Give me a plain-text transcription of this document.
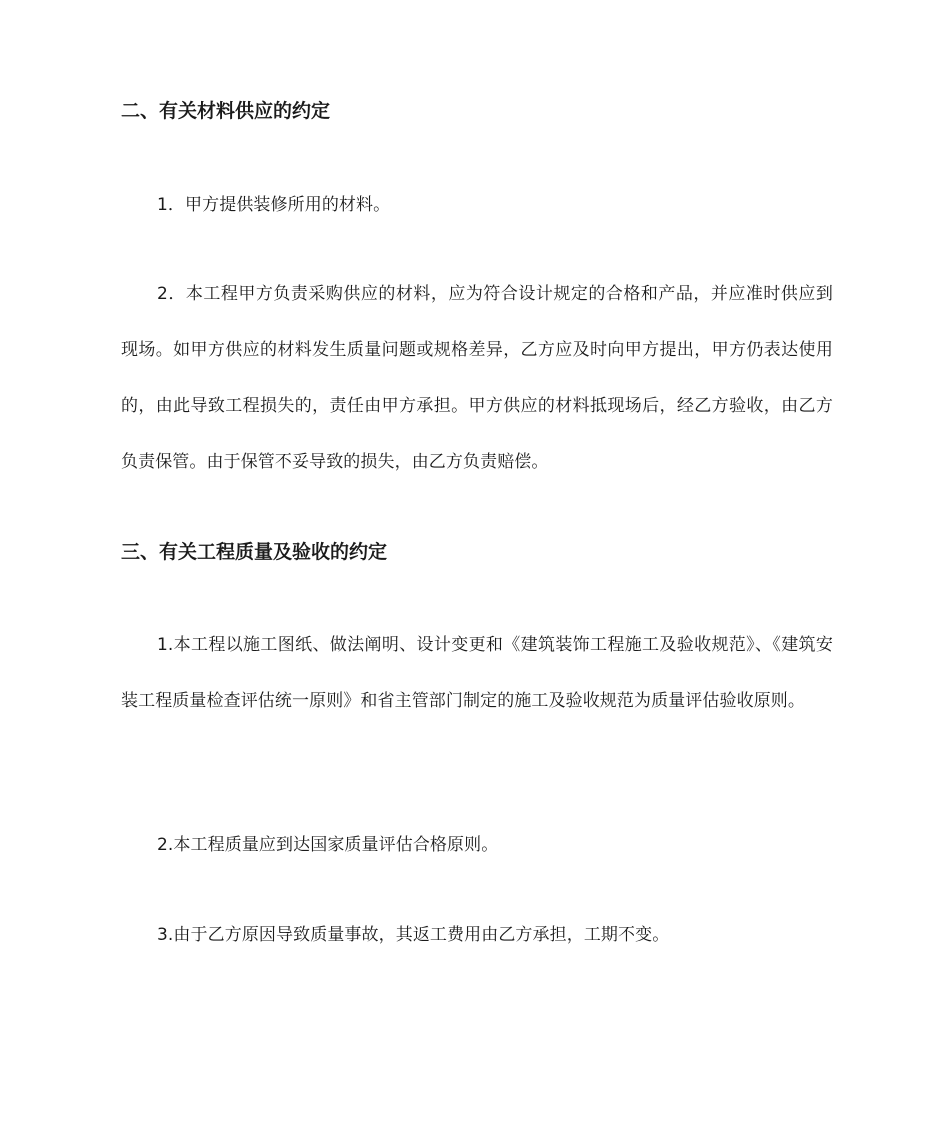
二、有关材料供应的约定
1．甲方提供装修所用的材料。
2．本工程甲方负责采购供应的材料，应为符合设计规定的合格和产品，并应准时供应到现场。如甲方供应的材料发生质量问题或规格差异，乙方应及时向甲方提出，甲方仍表达使用的，由此导致工程损失的，责任由甲方承担。甲方供应的材料抵现场后，经乙方验收，由乙方负责保管。由于保管不妥导致的损失，由乙方负责赔偿。
三、有关工程质量及验收的约定
1.本工程以施工图纸、做法阐明、设计变更和《建筑装饰工程施工及验收规范》、《建筑安装工程质量检查评估统一原则》和省主管部门制定的施工及验收规范为质量评估验收原则。
2.本工程质量应到达国家质量评估合格原则。
3.由于乙方原因导致质量事故，其返工费用由乙方承担，工期不变。
